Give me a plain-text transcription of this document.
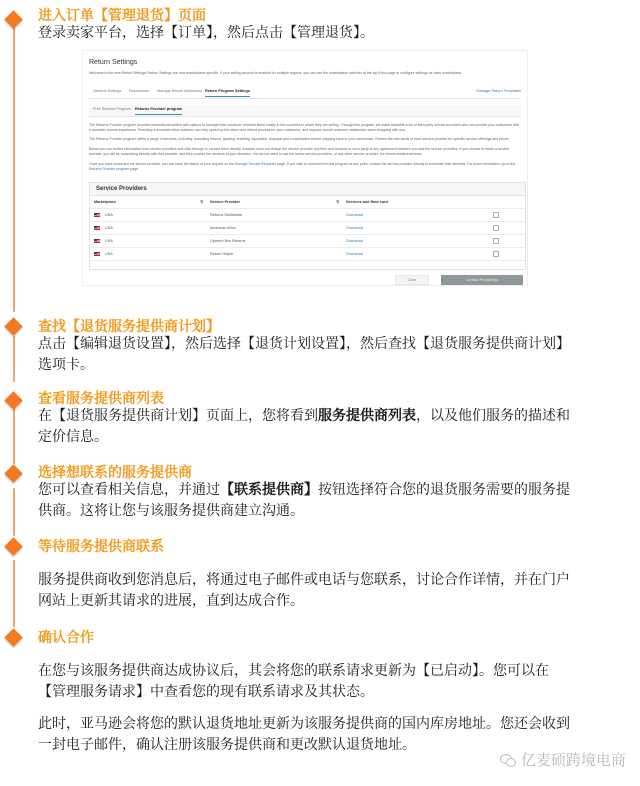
进入订单【管理退货】页面
登录卖家平台，选择【订单】，然后点击【管理退货】。
Return Settings
Welcome to the new Return Settings! Return Settings are now marketplace-specific. If your selling account is enabled for multiple regions, you can use the marketplace switcher at the top if this page to configure settings for each marketplace.
General Settings Resolutions Manage Return Addresses Return Program Settings	Manage Return Templates
Free Returns Program Returns Provider program
The Returns Provider program provides international sellers with options to manage their customer returned items locally in the countries in which they are selling. Through this program, we make available a list of third party service providers who can provide your customers with a domestic returns experience. Providing a domestic return address can help speed up the return and refund process for your customers, and improve overall customer satisfaction when shopping with you.
The Returns Provider program offers a range of services, including: accepting returns, grading, reselling, liquidation, disposal and consolidation before shipping back to your warehouse. Review the rate cards of each service provider for specific service offerings and prices.
Below you can review information from service providers and click through to contact them directly. Amazon does not charge the service provider any fees and Amazon is not a party of any agreement between you and the service providers. If you choose to retain a service provider, you will be contracting directly with that provider, and they provide the services at your direction. You do not need to use the below service providers, or any other service provider, for returns-related services.
Once you have contacted the service provider, you can track the status of your request on the Manage Service Requests page. If you wish to unenroll from the program at any point, contact the service provider directly to terminate their services. For more information, go to the Returns Provider program page.
Service Providers
Marketplace	⇅ Service Provider	⇅ Services and Rate card
USA	Returns Worldwide	Download
USA	American eBox	Download
USA	Opened Box Returns	Download
USA	Return Helper	Download
Clear	Contact Provider(s)
查找【退货服务提供商计划】
点击【编辑退货设置】，然后选择【退货计划设置】，然后查找【退货服务提供商计划】
选项卡。
查看服务提供商列表
在【退货服务提供商计划】页面上，您将看到服务提供商列表，以及他们服务的描述和
定价信息。
选择想联系的服务提供商
您可以查看相关信息，并通过【联系提供商】按钮选择符合您的退货服务需要的服务提
供商。这将让您与该服务提供商建立沟通。
等待服务提供商联系
服务提供商收到您消息后，将通过电子邮件或电话与您联系，讨论合作详情，并在门户
网站上更新其请求的进展，直到达成合作。
确认合作
在您与该服务提供商达成协议后，其会将您的联系请求更新为【已启动】。您可以在
【管理服务请求】中查看您的现有联系请求及其状态。
此时，亚马逊会将您的默认退货地址更新为该服务提供商的国内库房地址。您还会收到
一封电子邮件，确认注册该服务提供商和更改默认退货地址。
亿麦硕跨境电商
